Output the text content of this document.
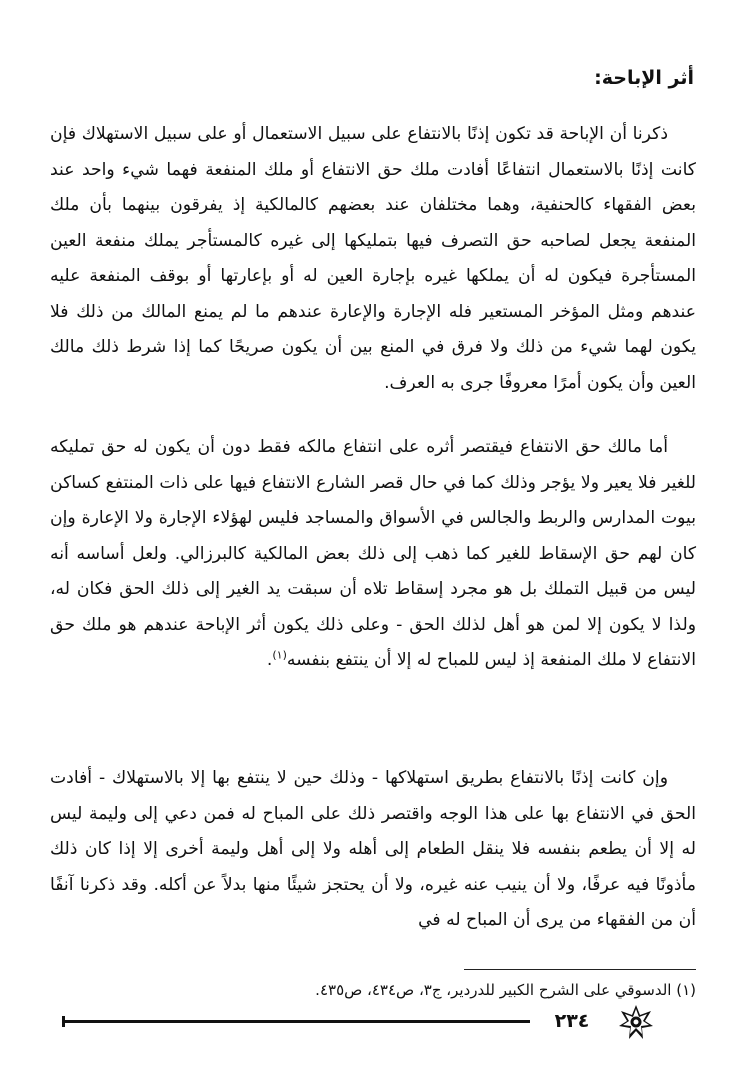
أثر الإباحة:

ذكرنا أن الإباحة قد تكون إذنًا بالانتفاع على سبيل الاستعمال أو على سبيل الاستهلاك فإن كانت إذنًا بالاستعمال انتفاعًا أفادت ملك حق الانتفاع أو ملك المنفعة فهما شيء واحد عند بعض الفقهاء كالحنفية، وهما مختلفان عند بعضهم كالمالكية إذ يفرقون بينهما بأن ملك المنفعة يجعل لصاحبه حق التصرف فيها بتمليكها إلى غيره كالمستأجر يملك منفعة العين المستأجرة فيكون له أن يملكها غيره بإجارة العين له أو بإعارتها أو بوقف المنفعة عليه عندهم ومثل المؤخر المستعير فله الإجارة والإعارة عندهم ما لم يمنع المالك من ذلك فلا يكون لهما شيء من ذلك ولا فرق في المنع بين أن يكون صريحًا كما إذا شرط ذلك مالك العين وأن يكون أمرًا معروفًا جرى به العرف.

أما مالك حق الانتفاع فيقتصر أثره على انتفاع مالكه فقط دون أن يكون له حق تمليكه للغير فلا يعير ولا يؤجر وذلك كما في حال قصر الشارع الانتفاع فيها على ذات المنتفع كساكن بيوت المدارس والربط والجالس في الأسواق والمساجد فليس لهؤلاء الإجارة ولا الإعارة وإن كان لهم حق الإسقاط للغير كما ذهب إلى ذلك بعض المالكية كالبرزالي. ولعل أساسه أنه ليس من قبيل التملك بل هو مجرد إسقاط تلاه أن سبقت يد الغير إلى ذلك الحق فكان له، ولذا لا يكون إلا لمن هو أهل لذلك الحق - وعلى ذلك يكون أثر الإباحة عندهم هو ملك حق الانتفاع لا ملك المنفعة إذ ليس للمباح له إلا أن ينتفع بنفسه$^{(١)}$.

وإن كانت إذنًا بالانتفاع بطريق استهلاكها - وذلك حين لا ينتفع بها إلا بالاستهلاك - أفادت الحق في الانتفاع بها على هذا الوجه واقتصر ذلك على المباح له فمن دعي إلى وليمة ليس له إلا أن يطعم بنفسه فلا ينقل الطعام إلى أهله ولا إلى أهل وليمة أخرى إلا إذا كان ذلك مأذونًا فيه عرفًا، ولا أن ينيب عنه غيره، ولا أن يحتجز شيئًا منها بدلاً عن أكله. وقد ذكرنا آنفًا أن من الفقهاء من يرى أن المباح له في

(١) الدسوقي على الشرح الكبير للدردير، ج٣، ص٤٣٤، ص٤٣٥.
٢٣٤
